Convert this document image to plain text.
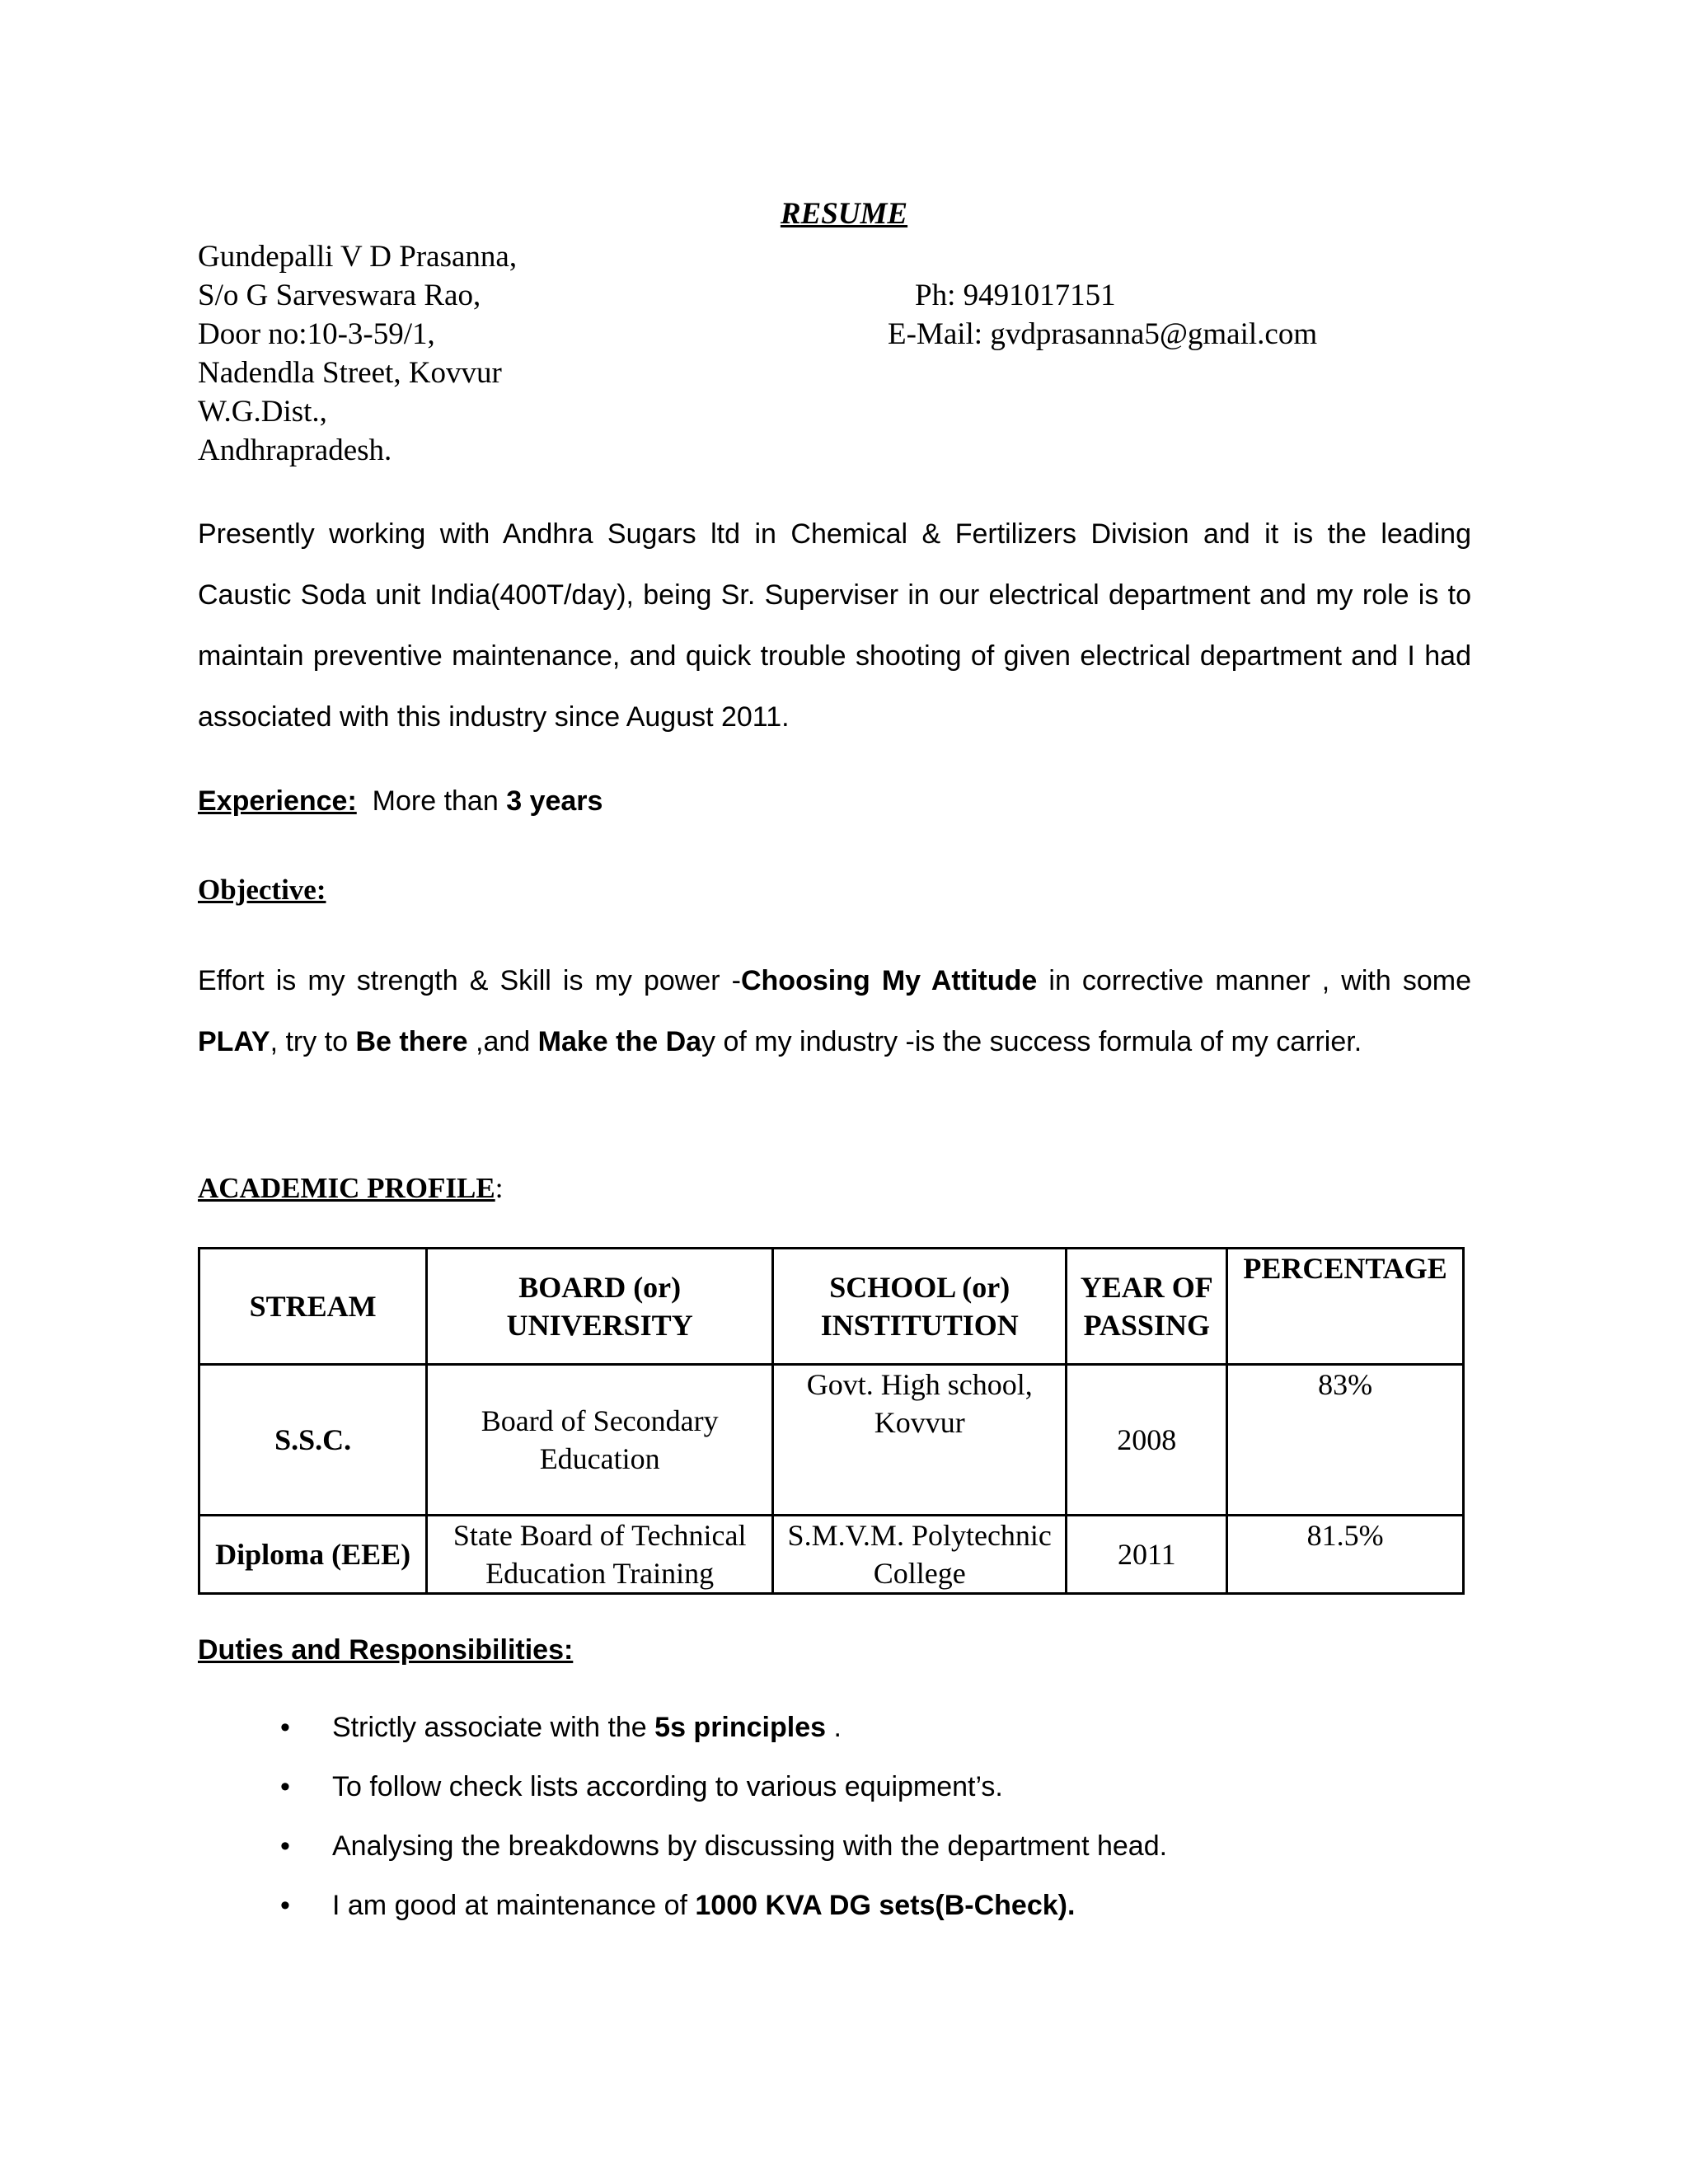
RESUME
Gundepalli V D Prasanna,
S/o G Sarveswara Rao,
Door no:10-3-59/1,
Nadendla Street, Kovvur
W.G.Dist.,
Andhrapradesh.
Ph: 9491017151
E-Mail: gvdprasanna5@gmail.com
Presently working with Andhra Sugars ltd in Chemical & Fertilizers Division and it is the leading Caustic Soda unit India(400T/day), being Sr. Superviser in our electrical department and my role is to maintain preventive maintenance, and quick trouble shooting of given electrical department and I had associated with this industry since August 2011.
Experience: More than 3 years
Objective:
Effort is my strength & Skill is my power -Choosing My Attitude in corrective manner , with some PLAY, try to Be there ,and Make the Day of my industry -is the success formula of my carrier.
ACADEMIC PROFILE:
STREAM	BOARD (or) UNIVERSITY	SCHOOL (or) INSTITUTION	YEAR OF PASSING	PERCENTAGE
S.S.C.	Board of Secondary Education	Govt. High school, Kovvur	2008	83%
Diploma (EEE)	State Board of Technical Education Training	S.M.V.M. Polytechnic College	2011	81.5%
Duties and Responsibilities:
• Strictly associate with the 5s principles .
• To follow check lists according to various equipment’s.
• Analysing the breakdowns by discussing with the department head.
• I am good at maintenance of 1000 KVA DG sets(B-Check).
